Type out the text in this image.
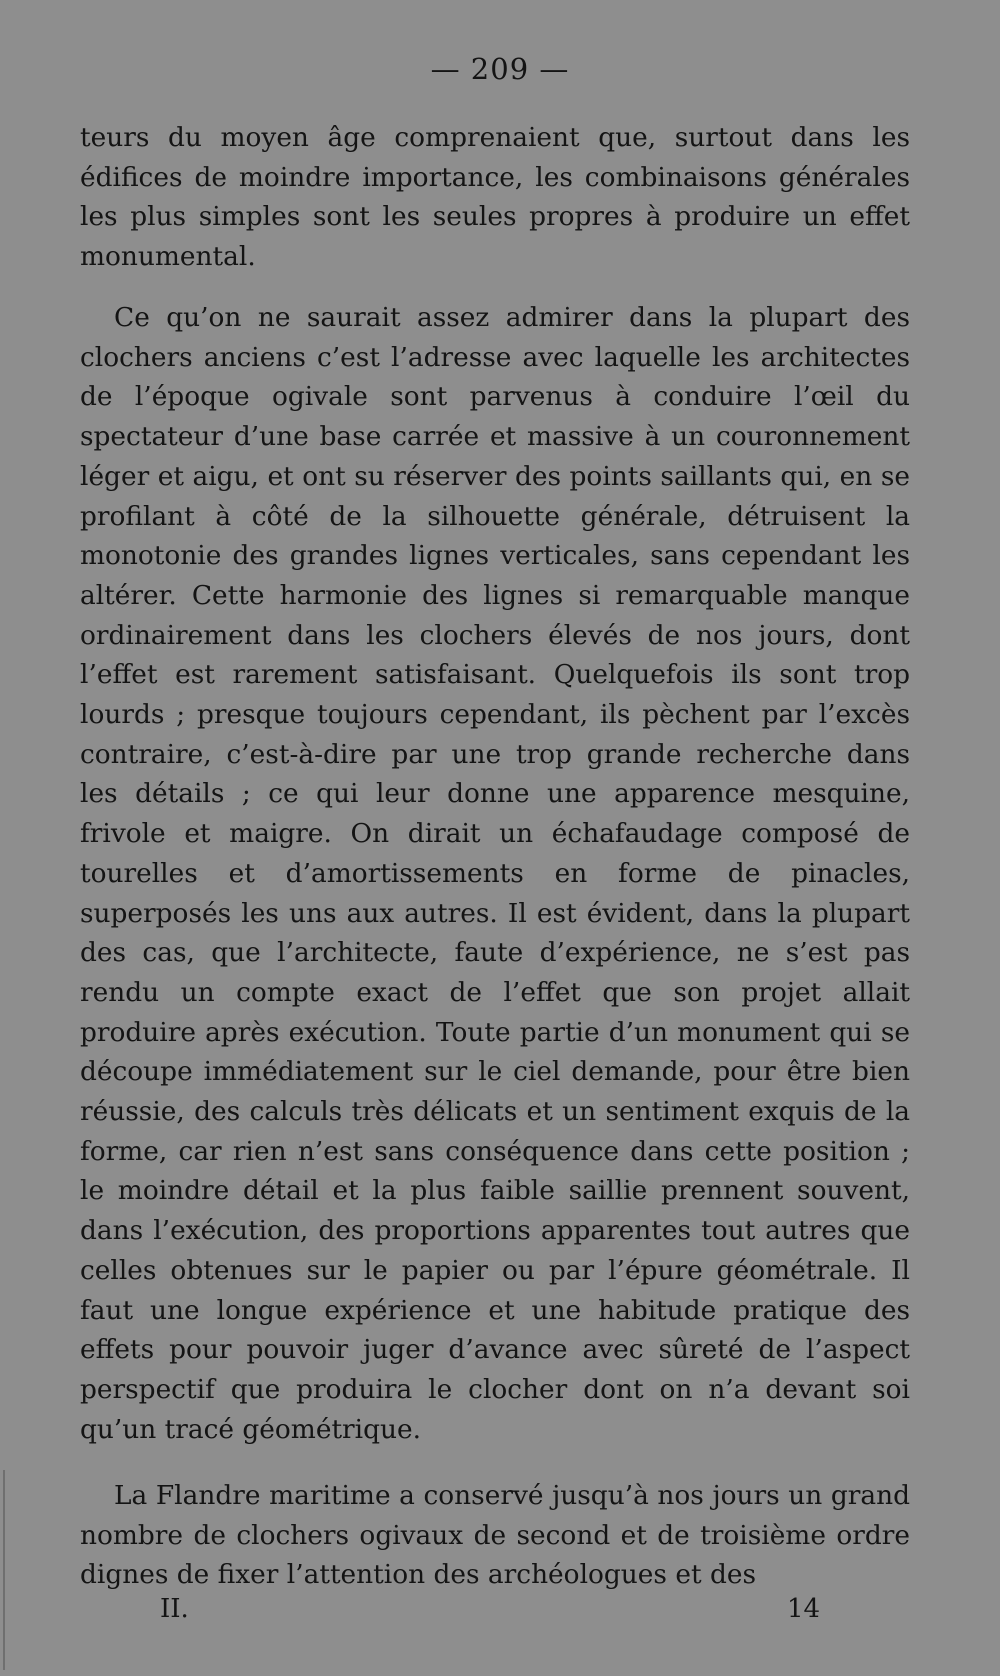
— 209 —

teurs du moyen âge comprenaient que, surtout dans les édifices de moindre importance, les combinaisons générales les plus simples sont les seules propres à produire un effet monumental.

Ce qu’on ne saurait assez admirer dans la plupart des clochers anciens c’est l’adresse avec laquelle les architectes de l’époque ogivale sont parvenus à conduire l’œil du spectateur d’une base carrée et massive à un couronnement léger et aigu, et ont su réserver des points saillants qui, en se profilant à côté de la silhouette générale, détruisent la monotonie des grandes lignes verticales, sans cependant les altérer. Cette harmonie des lignes si remarquable manque ordinairement dans les clochers élevés de nos jours, dont l’effet est rarement satisfaisant. Quelquefois ils sont trop lourds ; presque toujours cependant, ils pèchent par l’excès contraire, c’est-à-dire par une trop grande recherche dans les détails ; ce qui leur donne une apparence mesquine, frivole et maigre. On dirait un échafaudage composé de tourelles et d’amortissements en forme de pinacles, superposés les uns aux autres. Il est évident, dans la plupart des cas, que l’architecte, faute d’expérience, ne s’est pas rendu un compte exact de l’effet que son projet allait produire après exécution. Toute partie d’un monument qui se découpe immédiatement sur le ciel demande, pour être bien réussie, des calculs très délicats et un sentiment exquis de la forme, car rien n’est sans conséquence dans cette position ; le moindre détail et la plus faible saillie prennent souvent, dans l’exécution, des proportions apparentes tout autres que celles obtenues sur le papier ou par l’épure géométrale. Il faut une longue expérience et une habitude pratique des effets pour pouvoir juger d’avance avec sûreté de l’aspect perspectif que produira le clocher dont on n’a devant soi qu’un tracé géométrique.

La Flandre maritime a conservé jusqu’à nos jours un grand nombre de clochers ogivaux de second et de troisième ordre dignes de fixer l’attention des archéologues et des

II.	14
